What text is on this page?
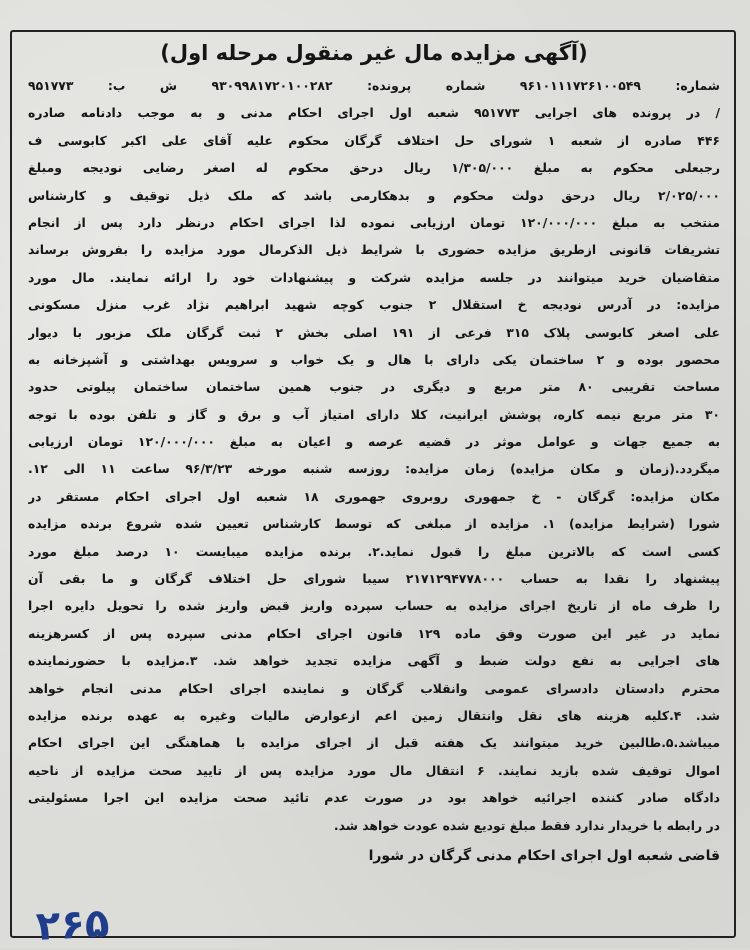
(آگهی مزایده مال غیر منقول مرحله اول)
شماره: ۹۶۱۰۱۱۱۷۲۶۱۰۰۵۴۹ شماره پرونده: ۹۳۰۹۹۸۱۷۲۰۱۰۰۲۸۲ ش ب: ۹۵۱۷۷۳
/ در پرونده های اجرایی ۹۵۱۷۷۳ شعبه اول اجرای احکام مدنی و به موجب دادنامه صادره
۴۴۶ صادره از شعبه ۱ شورای حل اختلاف گرگان محکوم علیه آقای علی اکبر کابوسی ف
رجبعلی محکوم به مبلغ ۱/۳۰۵/۰۰۰ ریال درحق محکوم له اصغر رضایی نودیجه ومبلغ
۲/۰۲۵/۰۰۰ ریال درحق دولت محکوم و بدهکارمی باشد که ملک ذیل توقیف و کارشناس
منتخب به مبلغ ۱۲۰/۰۰۰/۰۰۰ تومان ارزیابی نموده لذا اجرای احکام درنظر دارد پس از انجام
تشریفات قانونی ازطریق مزایده حضوری با شرایط ذیل الذکرمال مورد مزایده را بفروش برساند
متقاضیان خرید میتوانند در جلسه مزایده شرکت و پیشنهادات خود را ارائه نمایند. مال مورد
مزایده: در آدرس نودیجه خ استقلال ۲ جنوب کوچه شهید ابراهیم نژاد غرب منزل مسکونی
علی اصغر کابوسی پلاک ۳۱۵ فرعی از ۱۹۱ اصلی بخش ۲ ثبت گرگان ملک مزبور با دیوار
محصور بوده و ۲ ساختمان یکی دارای با هال و یک خواب و سرویس بهداشتی و آشپزخانه به
مساحت تقریبی ۸۰ متر مربع و دیگری در جنوب همین ساختمان ساختمان پیلوتی حدود
۳۰ متر مربع نیمه کاره، پوشش ایرانیت، کلا دارای امتیاز آب و برق و گاز و تلفن بوده با توجه
به جمیع جهات و عوامل موثر در قضیه عرصه و اعیان به مبلغ ۱۲۰/۰۰۰/۰۰۰ تومان ارزیابی
میگردد.(زمان و مکان مزایده) زمان مزایده: روزسه شنبه مورخه ۹۶/۳/۲۳ ساعت ۱۱ الی ۱۲.
مکان مزایده: گرگان - خ جمهوری روبروی جهموری ۱۸ شعبه اول اجرای احکام مستقر در
شورا (شرایط مزایده) ۱. مزایده از مبلغی که توسط کارشناس تعیین شده شروع برنده مزایده
کسی است که بالاترین مبلغ را قبول نماید.۲. برنده مزایده میبایست ۱۰ درصد مبلغ مورد
پیشنهاد را نقدا به حساب ۲۱۷۱۲۹۴۷۷۸۰۰۰ سیبا شورای حل اختلاف گرگان و ما بقی آن
را ظرف ماه از تاریخ اجرای مزایده به حساب سپرده واریز قبض واریز شده را تحویل دایره اجرا
نماید در غیر این صورت وفق ماده ۱۲۹ قانون اجرای احکام مدنی سپرده پس از کسرهزینه
های اجرایی به نفع دولت ضبط و آگهی مزایده تجدید خواهد شد. ۳.مزایده با حضورنماینده
محترم دادستان دادسرای عمومی وانقلاب گرگان و نماینده اجرای احکام مدنی انجام خواهد
شد. ۴.کلیه هزینه های نقل وانتقال زمین اعم ازعوارض مالیات وغیره به عهده برنده مزایده
میباشد.۵.طالبین خرید میتوانند یک هفته قبل از اجرای مزایده با هماهنگی این اجرای احکام
اموال توقیف شده بازید نمایند. ۶ انتقال مال مورد مزایده پس از تایید صحت مزایده از ناحیه
دادگاه صادر کننده اجرائیه خواهد بود در صورت عدم تائید صحت مزایده این اجرا مسئولیتی
در رابطه با خریدار ندارد فقط مبلغ تودیع شده عودت خواهد شد.
قاضی شعبه اول اجرای احکام مدنی گرگان در شورا
۲۶۵
